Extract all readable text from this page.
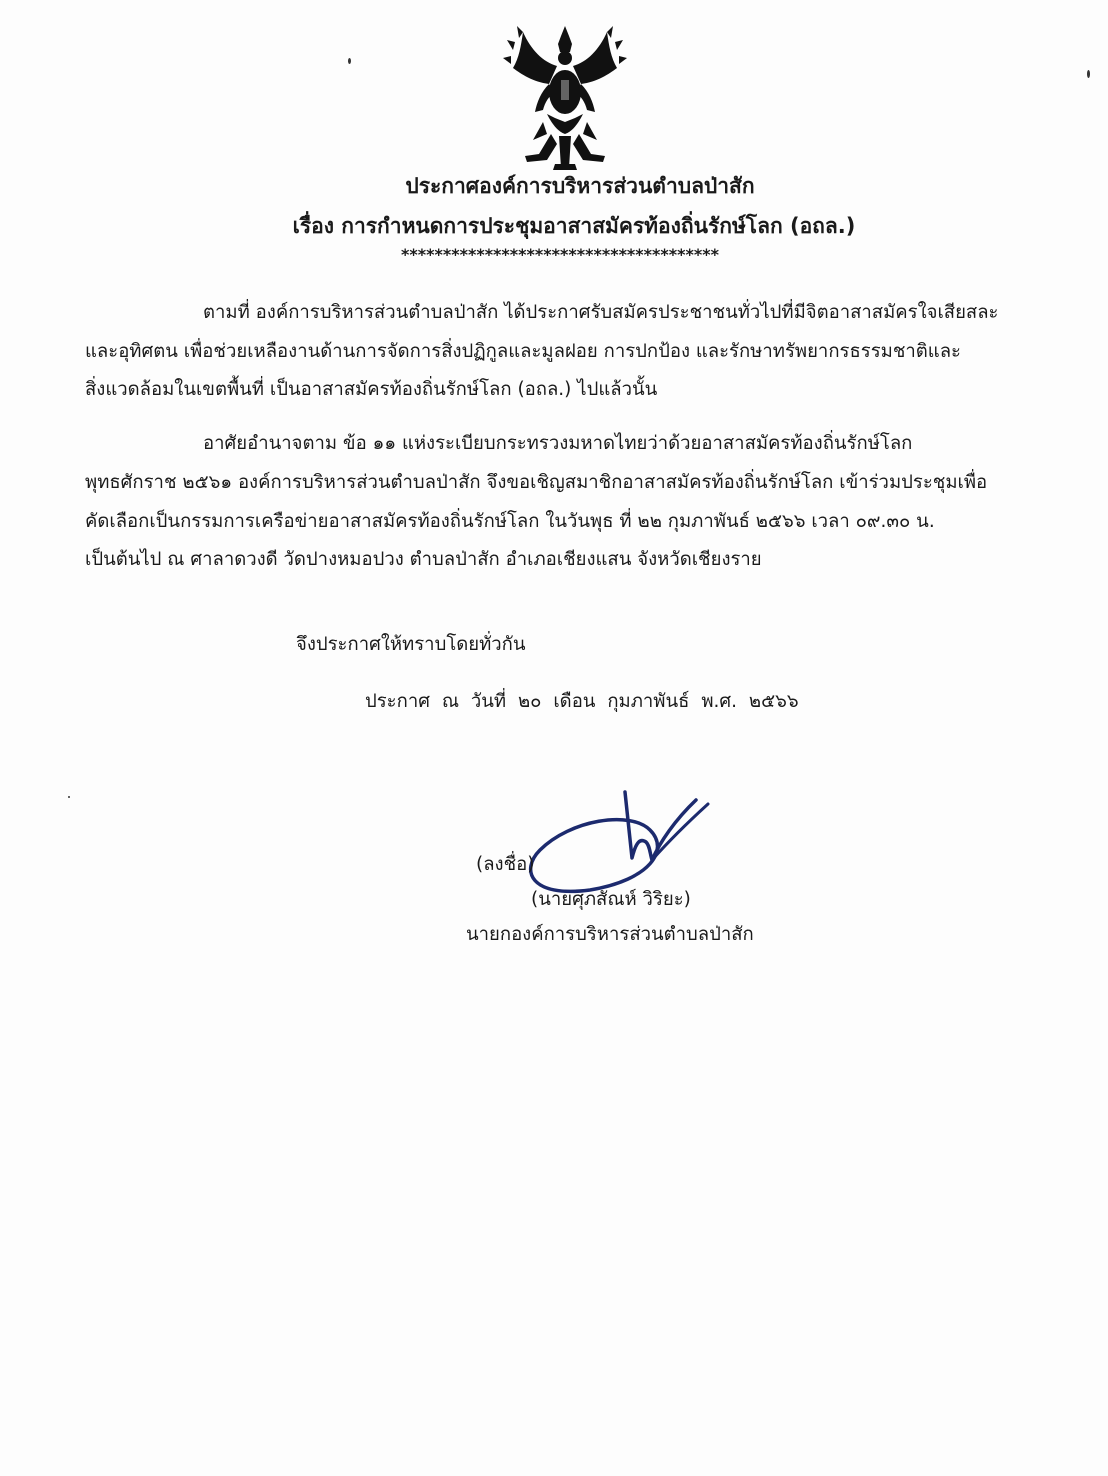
ประกาศองค์การบริหารส่วนตำบลป่าสัก
เรื่อง การกำหนดการประชุมอาสาสมัครท้องถิ่นรักษ์โลก (อถล.)
**************************************
ตามที่ องค์การบริหารส่วนตำบลป่าสัก ได้ประกาศรับสมัครประชาชนทั่วไปที่มีจิตอาสาสมัครใจเสียสละ
และอุทิศตน เพื่อช่วยเหลืองานด้านการจัดการสิ่งปฏิกูลและมูลฝอย การปกป้อง และรักษาทรัพยากรธรรมชาติและ
สิ่งแวดล้อมในเขตพื้นที่ เป็นอาสาสมัครท้องถิ่นรักษ์โลก (อถล.) ไปแล้วนั้น
อาศัยอำนาจตาม ข้อ ๑๑ แห่งระเบียบกระทรวงมหาดไทยว่าด้วยอาสาสมัครท้องถิ่นรักษ์โลก
พุทธศักราช ๒๕๖๑ องค์การบริหารส่วนตำบลป่าสัก จึงขอเชิญสมาชิกอาสาสมัครท้องถิ่นรักษ์โลก เข้าร่วมประชุมเพื่อ
คัดเลือกเป็นกรรมการเครือข่ายอาสาสมัครท้องถิ่นรักษ์โลก ในวันพุธ ที่ ๒๒ กุมภาพันธ์ ๒๕๖๖ เวลา ๐๙.๓๐ น.
เป็นต้นไป ณ ศาลาดวงดี วัดปางหมอปวง ตำบลป่าสัก อำเภอเชียงแสน จังหวัดเชียงราย
จึงประกาศให้ทราบโดยทั่วกัน
ประกาศ ณ วันที่ ๒๐ เดือน กุมภาพันธ์ พ.ศ. ๒๕๖๖
(ลงชื่อ)
(นายศุภสัณห์ วิริยะ)
นายกองค์การบริหารส่วนตำบลป่าสัก
